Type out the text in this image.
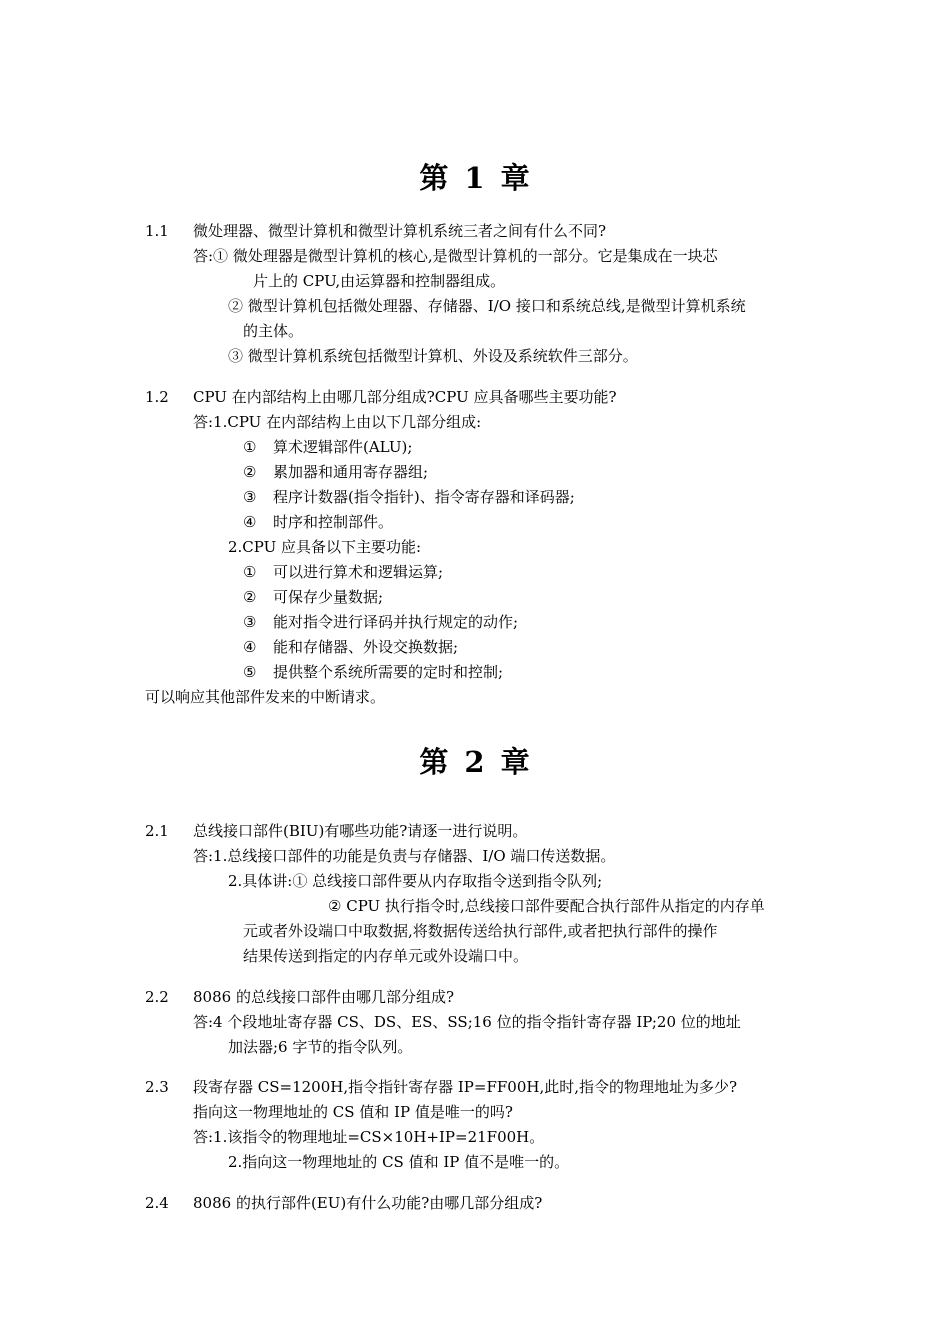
第 1 章
1.1 微处理器、微型计算机和微型计算机系统三者之间有什么不同?
答:① 微处理器是微型计算机的核心,是微型计算机的一部分。它是集成在一块芯
片上的 CPU,由运算器和控制器组成。
② 微型计算机包括微处理器、存储器、I/O 接口和系统总线,是微型计算机系统
的主体。
③ 微型计算机系统包括微型计算机、外设及系统软件三部分。
1.2 CPU 在内部结构上由哪几部分组成?CPU 应具备哪些主要功能?
答:1.CPU 在内部结构上由以下几部分组成:
① 算术逻辑部件(ALU);
② 累加器和通用寄存器组;
③ 程序计数器(指令指针)、指令寄存器和译码器;
④ 时序和控制部件。
2.CPU 应具备以下主要功能:
① 可以进行算术和逻辑运算;
② 可保存少量数据;
③ 能对指令进行译码并执行规定的动作;
④ 能和存储器、外设交换数据;
⑤ 提供整个系统所需要的定时和控制;
可以响应其他部件发来的中断请求。
第 2 章
2.1 总线接口部件(BIU)有哪些功能?请逐一进行说明。
答:1.总线接口部件的功能是负责与存储器、I/O 端口传送数据。
2.具体讲:① 总线接口部件要从内存取指令送到指令队列;
② CPU 执行指令时,总线接口部件要配合执行部件从指定的内存单
元或者外设端口中取数据,将数据传送给执行部件,或者把执行部件的操作
结果传送到指定的内存单元或外设端口中。
2.2 8086 的总线接口部件由哪几部分组成?
答:4 个段地址寄存器 CS、DS、ES、SS;16 位的指令指针寄存器 IP;20 位的地址
加法器;6 字节的指令队列。
2.3 段寄存器 CS=1200H,指令指针寄存器 IP=FF00H,此时,指令的物理地址为多少?
指向这一物理地址的 CS 值和 IP 值是唯一的吗?
答:1.该指令的物理地址=CS×10H+IP=21F00H。
2.指向这一物理地址的 CS 值和 IP 值不是唯一的。
2.4 8086 的执行部件(EU)有什么功能?由哪几部分组成?
